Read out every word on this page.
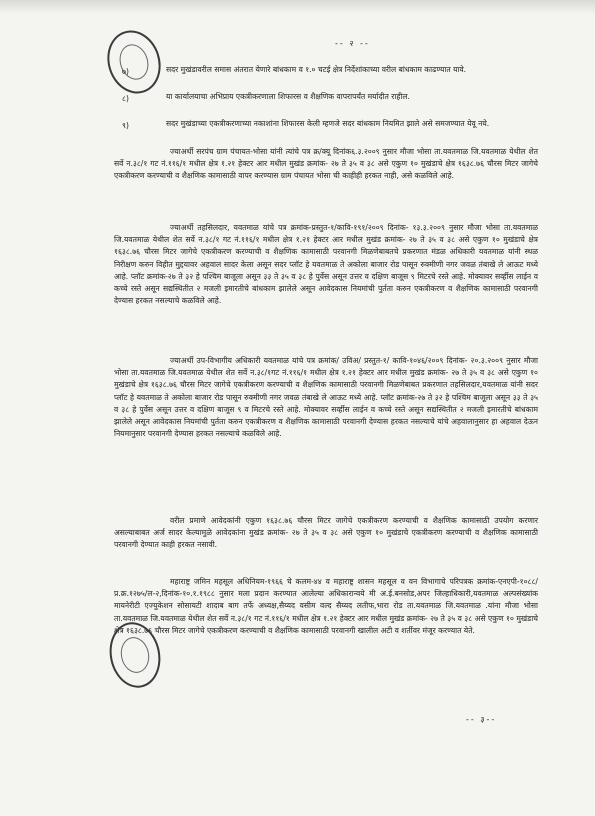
-- २ --
७)	सदर मुखंडावरील समास अंतरात येणारे बांधकाम व १.० चटई क्षेत्र निर्देशांकाच्या वरील बांधकाम काढण्यात यावे.
८)	या कार्यालयाचा अभिप्राय एकत्रीकरणाला शिफारस व शैक्षणिक वापरापर्यंत मर्यादीत राहील.
९)	सदर मुखंडाच्या एकत्रीकरणाच्या नकाशांना शिफारस केली म्हणजे सदर बांधकाम नियमित झाले असे समजण्यात येवू नये.
ज्याअर्थी सरपंच ग्राम पंचायत-भोसा यांनी त्यांचे पत्र क्र/क्यू दिनांक६.३.२००९ नुसार मौजा भोसा ता.यवतमाळ जि.यवतमाळ येथील शेत सर्वे न.३८/१ गट नं.११६/१ मधील क्षेत्र १.२१ हेक्टर आर मधील मुखंड क्रमांक- २७ ते ३५ व ३८ असे एकुण १० मुखंडाचे क्षेत्र १६३८.७६ चौरस मिटर जागेचे एकत्रीकरण करण्याची व शैक्षणिक कामासाठी वापर करण्यास ग्राम पंचायत भोसा ची काहीही हरकत नाही, असे कळविले आहे.
ज्याअर्थी तहसिलदार, यवतमाळ यांचे पत्र क्रमांक-प्रस्तुत-१/कावि-१९१/२००९ दिनांक- १३.३.२००९ नुसार मौजा भोसा ता.यवतमाळ जि.यवतमाळ येथील शेत सर्वे न.३८/१ गट नं.११६/१ मधील क्षेत्र १.२१ हेक्टर आर मधील मुखंड क्रमांक- २७ ते ३५ व ३८ असे एकुण १० मुखंडाचे क्षेत्र १६३८.७६ चौरस मिटर जागेचे एकत्रीकरण करण्याची व शैक्षणिक कामासाठी परवानगी मिळणेबाबतचे प्रकरणात मंडळ अधिकारी यवतमाळ यांनी स्थळ निरीक्षण करुन विहीत मुद्दयावर अहवाल सादर केला असून सदर प्लॉट हे यवतमाळ ते अकोला बाजार रोड पासून रुक्मीणी नगर जवळ तंबाखे ले आऊट मध्ये आहे. प्लॉट क्रमांक-२७ ते ३२ हे पश्चिम बाजूला असून ३३ ते ३५ व ३८ हे पुर्वेस असून उत्तर व दक्षिण बाजूस ९ मिटरचे रस्ते आहे. मोक्यावर सर्व्हीस लाईन व कच्चे रस्ते असून सद्यस्थितीत २ मजली इमारतीचे बांधकाम झालेले असून आवेदकास नियमांची पुर्तता करुन एकत्रीकरण व शैक्षणिक कामासाठी परवानगी देण्यास हरकत नसल्याचे कळविले आहे.
ज्याअर्थी उप-विभागीय अधिकारी यवतमाळ यांचे पत्र क्रमांक/ उविअ/ प्रस्तुत-१/ कावि-१०४६/२००९ दिनांक- २०.३.२००९ नुसार मौजा भोसा ता.यवतमाळ जि.यवतमाळ येथील शेत सर्वे न.३८/१गट नं.११६/१ मधील क्षेत्र १.२१ हेक्टर आर मधील मुखंड क्रमांक- २७ ते ३५ व ३८ असे एकुण १० मुखंडाचे क्षेत्र १६३८.७६ चौरस मिटर जागेचे एकत्रीकरण करण्याची व शैक्षणिक कामासाठी परवानगी मिळणेबाबत प्रकरणात तहसिलदार,यवतमाळ यांनी सदर प्लॉट हे यवतमाळ ते अकोला बाजार रोड पासून रुक्मीणी नगर जवळ तंबाखे ले आऊट मध्ये आहे. प्लॉट क्रमांक-२७ ते ३२ हे पश्चिम बाजूला असून ३३ ते ३५ व ३८ हे पुर्वेस असून उत्तर व दक्षिण बाजूस ९ व मिटरचे रस्ते आहे. मोक्यावर सर्व्हीस लाईन व कच्चे रस्ते असून सद्यस्थितीत २ मजली इमारतीचे बांधकाम झालेले असून आवेदकास नियमांची पुर्तता करुन एकत्रीकरण व शैक्षणिक कामासाठी परवानगी देण्यास हरकत नसल्याचे यांचे अहवालानुसार हा अहवाल देऊन नियमानुसार परवानगी देण्यास हरकत नसल्याचे कळविले आहे.
वरील प्रमाणे आवेदकांनी एकुण १६३८.७६ चौरस मिटर जागेचे एकत्रीकरण करण्याची व शैक्षणिक कामासाठी उपयोग करणार असल्याबाबत अर्ज सादर केल्यामुळे आवेदकांना मुखंड क्रमांक- २७ ते ३५ व ३८ असे एकुण १० मुखंडाचे एकत्रीकरण करण्याची व शैक्षणिक कामासाठी परवानगी देण्यात काही हरकत नसावी.
महाराष्ट्र जमिन महसूल अधिनियम-१९६६ चे कलम-४४ व महाराष्ट्र शासन महसूल व वन विभागाचे परिपत्रक क्रमांक-एनएपी-१०८८/प्र.क्र.१२७५/ल-२,दिनांक-१०.१.१९८८ नुसार मला प्रदान करण्यात आलेल्या अधिकारान्वये मी अ.ई.बनसोड,अपर जिल्हाधिकारी,यवतमाळ अल्पसंख्यांक मायनेरीटी एज्युकेशन सोसायटी शादाब बाग तर्फे अध्यक्ष,सैय्यद वसीम वल्द सैय्यद लतीफ,भारा रोड ता.यवतमाळ जि.यवतमाळ .यांना मौजा भोसा ता.यवतमाळ जि.यवतमाळ येथील शेत सर्वे न.३८/१ गट नं.११६/१ मधील क्षेत्र १.२१ हेक्टर आर मधील मुखंड क्रमांक- २७ ते ३५ व ३८ असे एकुण १० मुखंडाचे क्षेत्र १६३८.७६ चौरस मिटर जागेचे एकत्रीकरण करण्याची व शैक्षणिक कामासाठी परवानगी खालील अटी व शर्तीवर मंजूर करण्यात येते.
-- ३--
